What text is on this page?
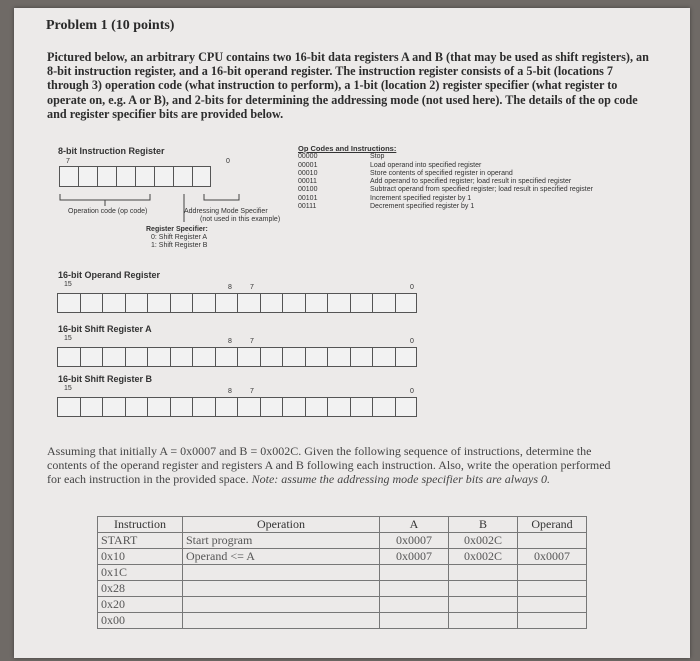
Problem 1 (10 points)
Pictured below, an arbitrary CPU contains two 16-bit data registers A and B (that may be used as shift registers), an 8-bit instruction register, and a 16-bit operand register. The instruction register consists of a 5-bit (locations 7 through 3) operation code (what instruction to perform), a 1-bit (location 2) register specifier (what register to operate on, e.g. A or B), and 2-bits for determining the addressing mode (not used here). The details of the op code and register specifier bits are provided below.
8-bit Instruction Register
7	0
Operation code (op code)	Addressing Mode Specifier
(not used in this example)
Register Specifier:
0: Shift Register A
1: Shift Register B
Op Codes and Instructions:
00000	Stop
00001	Load operand into specified register
00010	Store contents of specified register in operand
00011	Add operand to specified register; load result in specified register
00100	Subtract operand from specified register; load result in specified register
00101	Increment specified register by 1
00111	Decrement specified register by 1
16-bit Operand Register
15	8	7	0
16-bit Shift Register A
15	8	7	0
16-bit Shift Register B
15	8	7	0
Assuming that initially A = 0x0007 and B = 0x002C. Given the following sequence of instructions, determine the contents of the operand register and registers A and B following each instruction. Also, write the operation performed for each instruction in the provided space. Note: assume the addressing mode specifier bits are always 0.
Instruction	Operation	A	B	Operand
START	Start program	0x0007	0x002C	
0x10	Operand <= A	0x0007	0x002C	0x0007
0x1C				
0x28				
0x20				
0x00				
